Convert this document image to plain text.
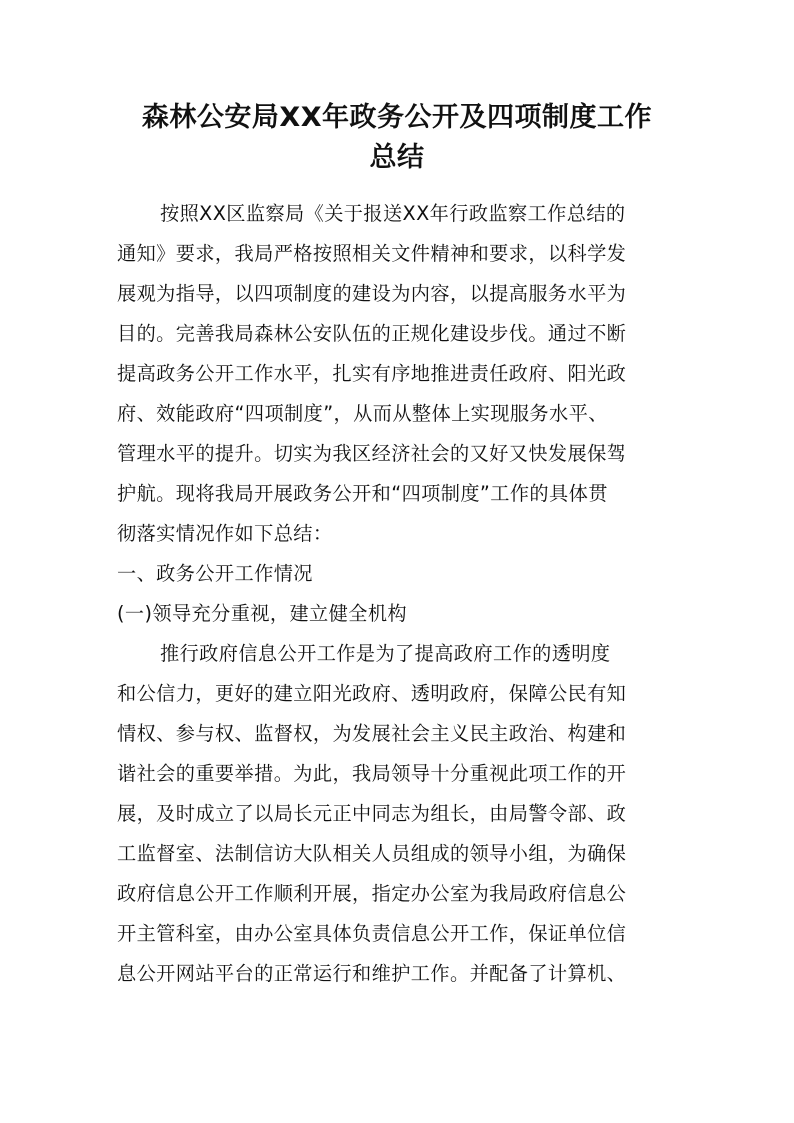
森林公安局XX年政务公开及四项制度工作
总结
按照XX区监察局《关于报送XX年行政监察工作总结的
通知》要求，我局严格按照相关文件精神和要求，以科学发
展观为指导，以四项制度的建设为内容，以提高服务水平为
目的。完善我局森林公安队伍的正规化建设步伐。通过不断
提高政务公开工作水平，扎实有序地推进责任政府、阳光政
府、效能政府“四项制度”，从而从整体上实现服务水平、
管理水平的提升。切实为我区经济社会的又好又快发展保驾
护航。现将我局开展政务公开和“四项制度”工作的具体贯
彻落实情况作如下总结：
一、政务公开工作情况
(一)领导充分重视，建立健全机构
推行政府信息公开工作是为了提高政府工作的透明度
和公信力，更好的建立阳光政府、透明政府，保障公民有知
情权、参与权、监督权，为发展社会主义民主政治、构建和
谐社会的重要举措。为此，我局领导十分重视此项工作的开
展，及时成立了以局长元正中同志为组长，由局警令部、政
工监督室、法制信访大队相关人员组成的领导小组，为确保
政府信息公开工作顺利开展，指定办公室为我局政府信息公
开主管科室，由办公室具体负责信息公开工作，保证单位信
息公开网站平台的正常运行和维护工作。并配备了计算机、
